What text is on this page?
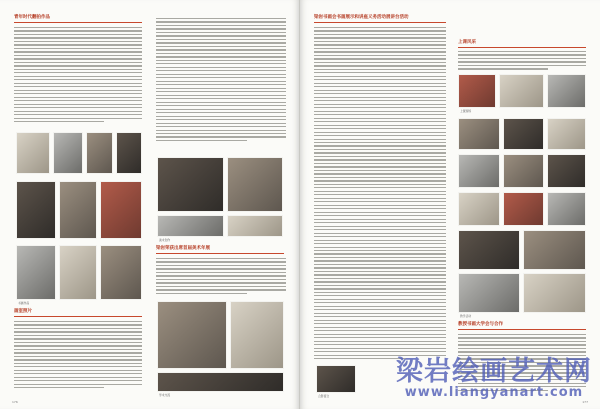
青年时代翻拍作品
书画作品
画室照片
美术创作
梁岩荣获出席首届美术年展
学术交流
176
梁岩书画会书画展示和讲座义务活动展讲台活动
合影留念
上课风采
上课现场
教学活动
教授书画大学会与合作
177
梁岩绘画艺术网
www.liangyanart.com
